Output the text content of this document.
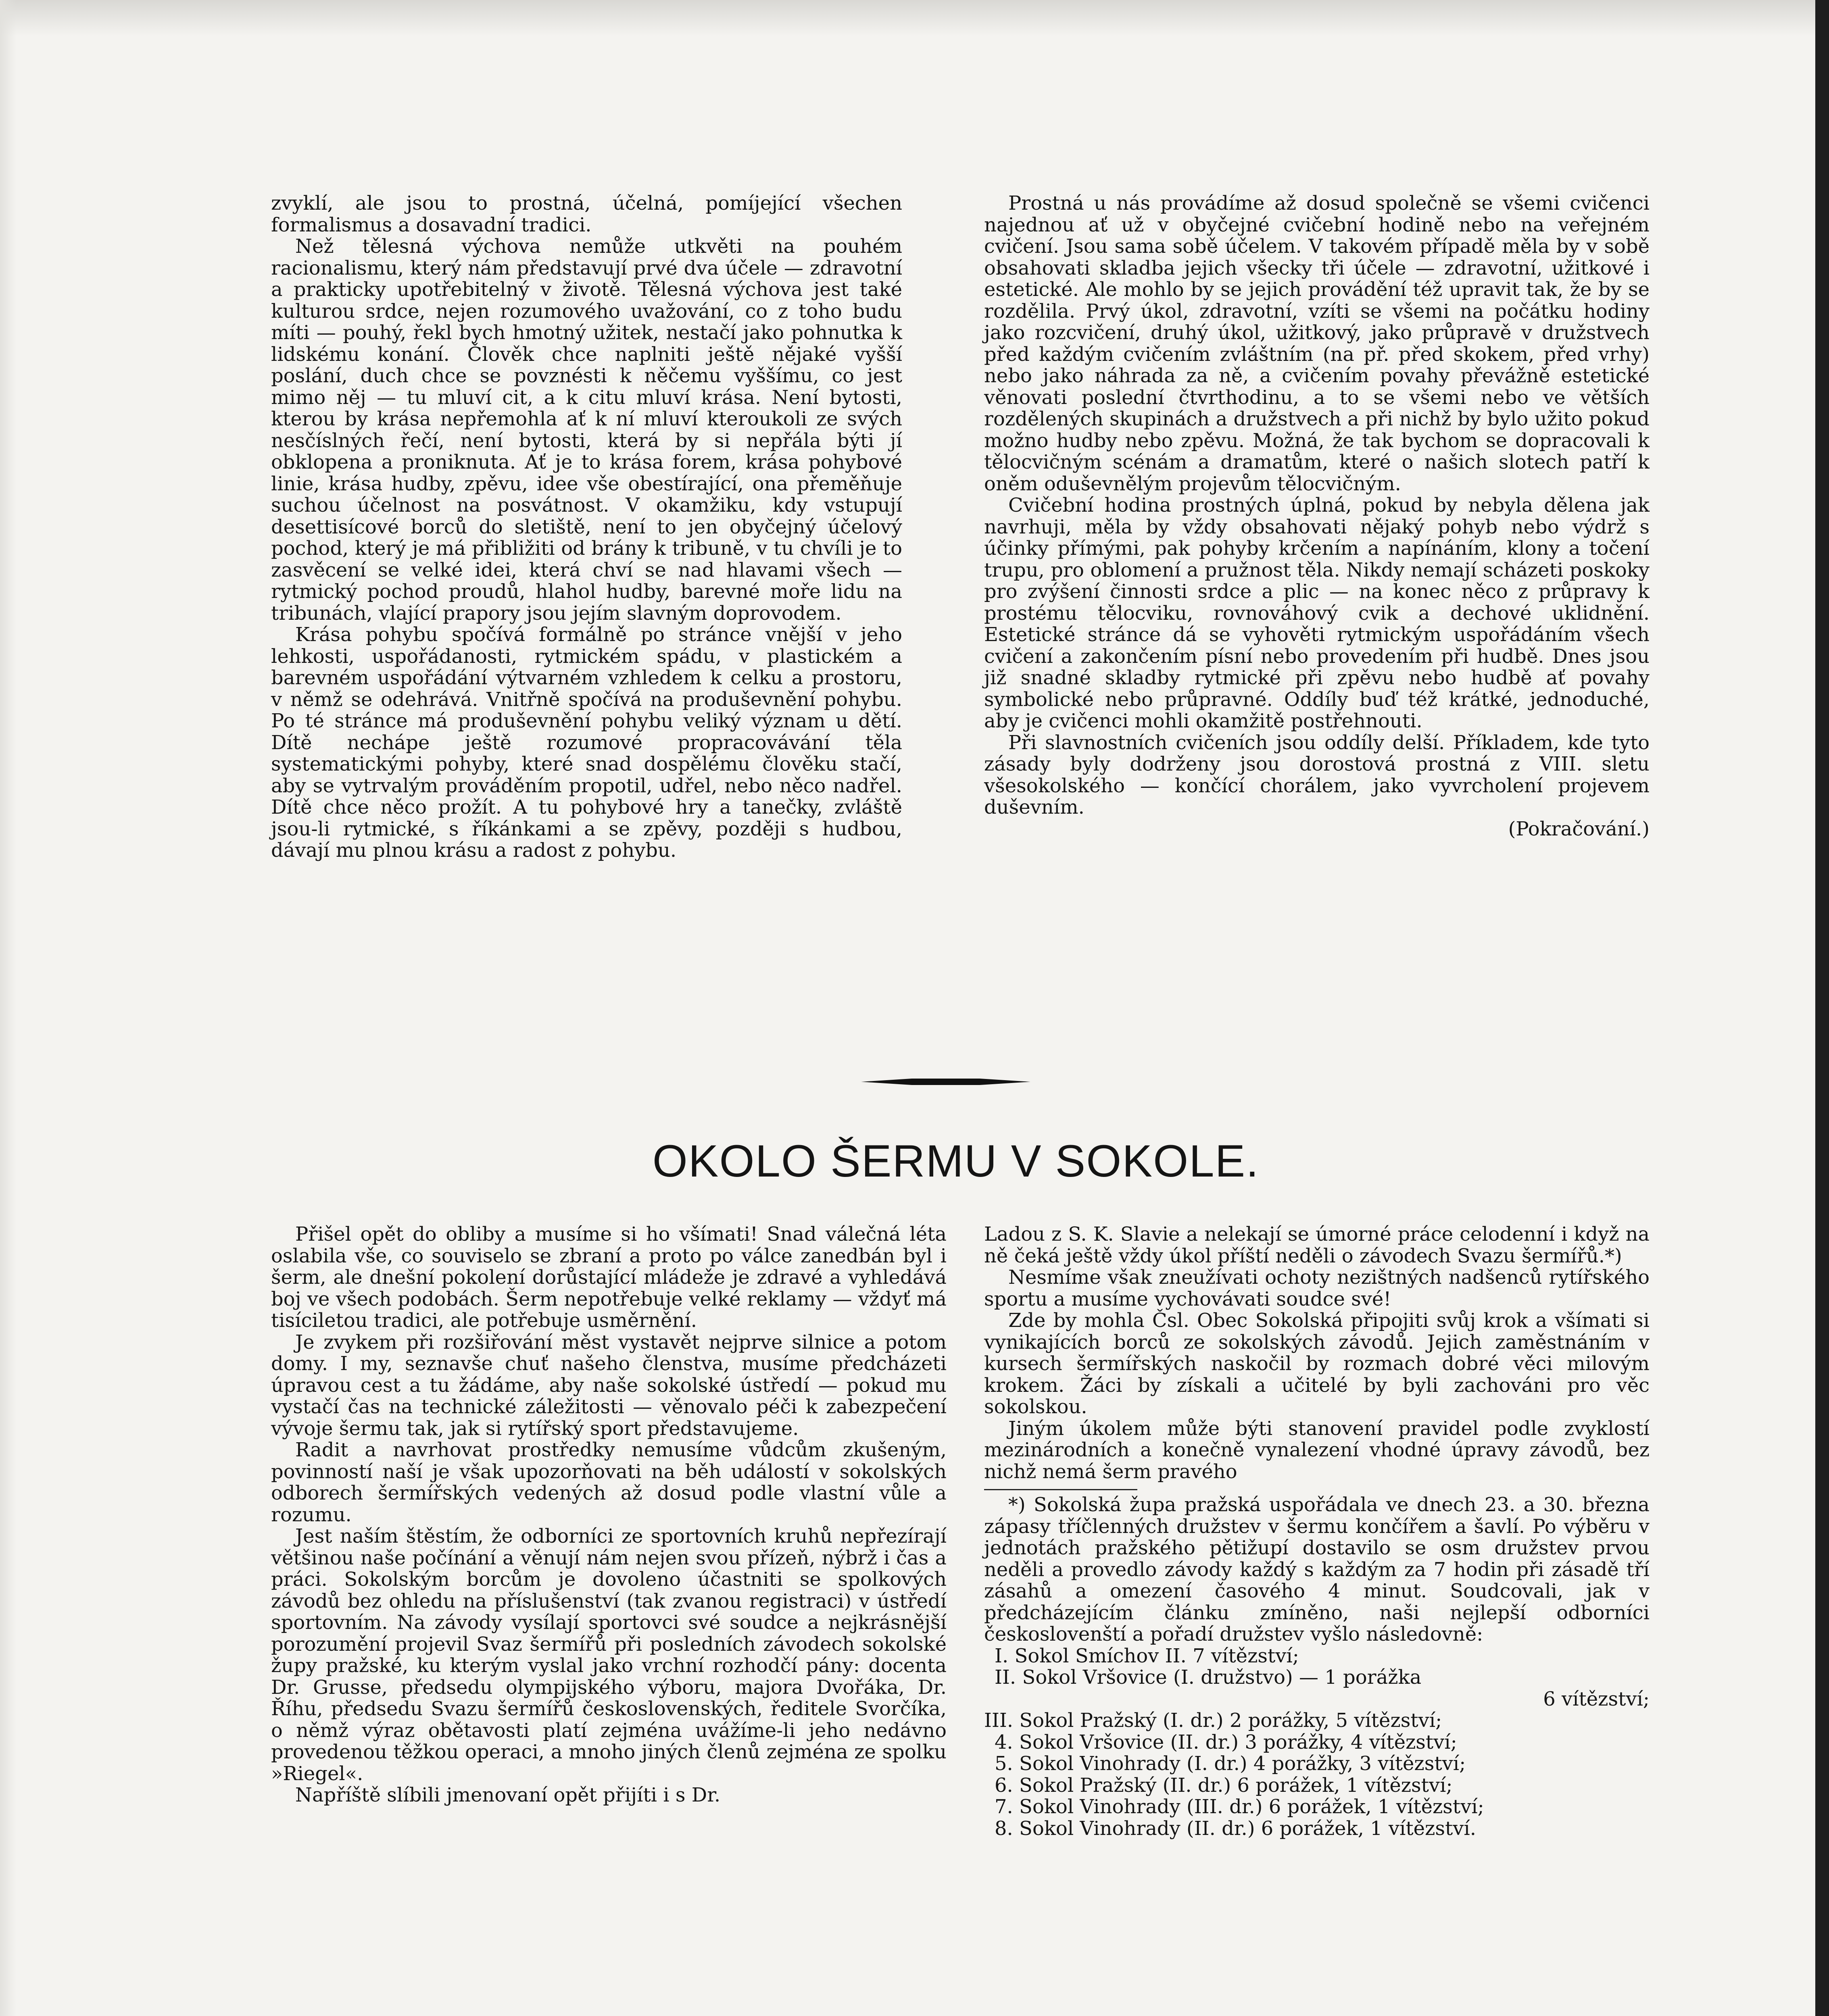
zvyklí, ale jsou to prostná, účelná, pomíjející všechen formalismus a dosavadní tradici.

Než tělesná výchova nemůže utkvěti na pouhém racionalismu, který nám představují prvé dva účele — zdravotní a prakticky upotřebitelný v životě. Tělesná výchova jest také kulturou srdce, nejen rozumového uvažování, co z toho budu míti — pouhý, řekl bych hmotný užitek, nestačí jako pohnutka k lidskému konání. Člověk chce naplniti ještě nějaké vyšší poslání, duch chce se povznésti k něčemu vyššímu, co jest mimo něj — tu mluví cit, a k citu mluví krása. Není bytosti, kterou by krása nepřemohla ať k ní mluví kteroukoli ze svých nesčíslných řečí, není bytosti, která by si nepřála býti jí obklopena a proniknuta. Ať je to krása forem, krása pohybové linie, krása hudby, zpěvu, idee vše obestírající, ona přeměňuje suchou účelnost na posvátnost. V okamžiku, kdy vstupují desettisícové borců do sletiště, není to jen obyčejný účelový pochod, který je má přibližiti od brány k tribuně, v tu chvíli je to zasvěcení se velké idei, která chví se nad hlavami všech — rytmický pochod proudů, hlahol hudby, barevné moře lidu na tribunách, vlající prapory jsou jejím slavným doprovodem.

Krása pohybu spočívá formálně po stránce vnější v jeho lehkosti, uspořádanosti, rytmickém spádu, v plastickém a barevném uspořádání výtvarném vzhledem k celku a prostoru, v němž se odehrává. Vnitřně spočívá na produševnění pohybu. Po té stránce má produševnění pohybu veliký význam u dětí. Dítě nechápe ještě rozumové propracovávání těla systematickými pohyby, které snad dospělému člověku stačí, aby se vytrvalým prováděním propotil, udřel, nebo něco nadřel. Dítě chce něco prožít. A tu pohybové hry a tanečky, zvláště jsou-li rytmické, s říkánkami a se zpěvy, později s hudbou, dávají mu plnou krásu a radost z pohybu.

Prostná u nás provádíme až dosud společně se všemi cvičenci najednou ať už v obyčejné cvičební hodině nebo na veřejném cvičení. Jsou sama sobě účelem. V takovém případě měla by v sobě obsahovati skladba jejich všecky tři účele — zdravotní, užitkové i estetické. Ale mohlo by se jejich provádění též upravit tak, že by se rozdělila. Prvý úkol, zdravotní, vzíti se všemi na počátku hodiny jako rozcvičení, druhý úkol, užitkový, jako průpravě v družstvech před každým cvičením zvláštním (na př. před skokem, před vrhy) nebo jako náhrada za ně, a cvičením povahy převážně estetické věnovati poslední čtvrthodinu, a to se všemi nebo ve větších rozdělených skupinách a družstvech a při nichž by bylo užito pokud možno hudby nebo zpěvu. Možná, že tak bychom se dopracovali k tělocvičným scénám a dramatům, které o našich slotech patří k oněm oduševnělým projevům tělocvičným.

Cvičební hodina prostných úplná, pokud by nebyla dělena jak navrhuji, měla by vždy obsahovati nějaký pohyb nebo výdrž s účinky přímými, pak pohyby krčením a napínáním, klony a točení trupu, pro oblomení a pružnost těla. Nikdy nemají scházeti poskoky pro zvýšení činnosti srdce a plic — na konec něco z průpravy k prostému tělocviku, rovnováhový cvik a dechové uklidnění. Estetické stránce dá se vyhověti rytmickým uspořádáním všech cvičení a zakončením písní nebo provedením při hudbě. Dnes jsou již snadné skladby rytmické při zpěvu nebo hudbě ať povahy symbolické nebo průpravné. Oddíly buď též krátké, jednoduché, aby je cvičenci mohli okamžitě postřehnouti.

Při slavnostních cvičeních jsou oddíly delší. Příkladem, kde tyto zásady byly dodrženy jsou dorostová prostná z VIII. sletu všesokolského — končící chorálem, jako vyvrcholení projevem duševním.

(Pokračování.)

OKOLO ŠERMU V SOKOLE.

Přišel opět do obliby a musíme si ho všímati! Snad válečná léta oslabila vše, co souviselo se zbraní a proto po válce zanedbán byl i šerm, ale dnešní pokolení dorůstající mládeže je zdravé a vyhledává boj ve všech podobách. Šerm nepotřebuje velké reklamy — vždyť má tisíciletou tradici, ale potřebuje usměrnění.

Je zvykem při rozšiřování měst vystavět nejprve silnice a potom domy. I my, seznavše chuť našeho členstva, musíme předcházeti úpravou cest a tu žádáme, aby naše sokolské ústředí — pokud mu vystačí čas na technické záležitosti — věnovalo péči k zabezpečení vývoje šermu tak, jak si rytířský sport představujeme.

Radit a navrhovat prostředky nemusíme vůdcům zkušeným, povinností naší je však upozorňovati na běh událostí v sokolských odborech šermířských vedených až dosud podle vlastní vůle a rozumu.

Jest naším štěstím, že odborníci ze sportovních kruhů nepřezírají většinou naše počínání a věnují nám nejen svou přízeň, nýbrž i čas a práci. Sokolským borcům je dovoleno účastniti se spolkových závodů bez ohledu na příslušenství (tak zvanou registraci) v ústředí sportovním. Na závody vysílají sportovci své soudce a nejkrásnější porozumění projevil Svaz šermířů při posledních závodech sokolské župy pražské, ku kterým vyslal jako vrchní rozhodčí pány: docenta Dr. Grusse, předsedu olympijského výboru, majora Dvořáka, Dr. Říhu, předsedu Svazu šermířů československých, ředitele Svorčíka, o němž výraz obětavosti platí zejména uvážíme-li jeho nedávno provedenou těžkou operaci, a mnoho jiných členů zejména ze spolku »Riegel«.

Napříště slíbili jmenovaní opět přijíti i s Dr.

Ladou z S. K. Slavie a nelekají se úmorné práce celodenní i když na ně čeká ještě vždy úkol příští neděli o závodech Svazu šermířů.*)

Nesmíme však zneužívati ochoty nezištných nadšenců rytířského sportu a musíme vychovávati soudce své!

Zde by mohla Čsl. Obec Sokolská připojiti svůj krok a všímati si vynikajících borců ze sokolských závodů. Jejich zaměstnáním v kursech šermířských naskočil by rozmach dobré věci milovým krokem. Žáci by získali a učitelé by byli zachováni pro věc sokolskou.

Jiným úkolem může býti stanovení pravidel podle zvyklostí mezinárodních a konečně vynalezení vhodné úpravy závodů, bez nichž nemá šerm pravého

*) Sokolská župa pražská uspořádala ve dnech 23. a 30. března zápasy tříčlenných družstev v šermu končířem a šavlí. Po výběru v jednotách pražského pětižupí dostavilo se osm družstev prvou neděli a provedlo závody každý s každým za 7 hodin při zásadě tří zásahů a omezení časového 4 minut. Soudcovali, jak v předcházejícím článku zmíněno, naši nejlepší odborníci českoslovenští a pořadí družstev vyšlo následovně:

I. Sokol Smíchov II. 7 vítězství;
II. Sokol Vršovice (I. družstvo) — 1 porážka
6 vítězství;
III. Sokol Pražský (I. dr.) 2 porážky, 5 vítězství;
4. Sokol Vršovice (II. dr.) 3 porážky, 4 vítězství;
5. Sokol Vinohrady (I. dr.) 4 porážky, 3 vítězství;
6. Sokol Pražský (II. dr.) 6 porážek, 1 vítězství;
7. Sokol Vinohrady (III. dr.) 6 porážek, 1 vítězství;
8. Sokol Vinohrady (II. dr.) 6 porážek, 1 vítězství.
